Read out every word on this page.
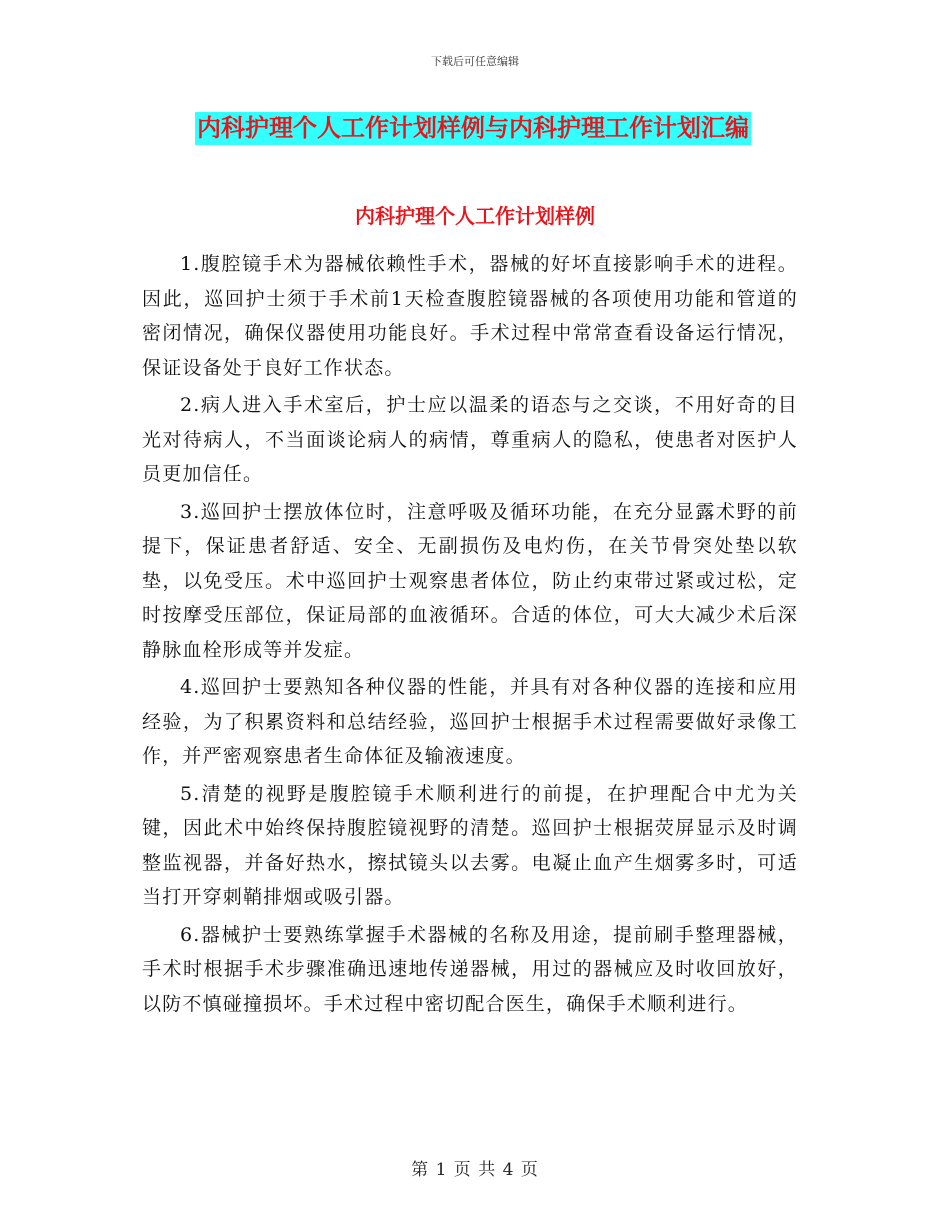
下载后可任意编辑
内科护理个人工作计划样例与内科护理工作计划汇编
内科护理个人工作计划样例

1.腹腔镜手术为器械依赖性手术，器械的好坏直接影响手术的进程。因此，巡回护士须于手术前1天检查腹腔镜器械的各项使用功能和管道的密闭情况，确保仪器使用功能良好。手术过程中常常查看设备运行情况，保证设备处于良好工作状态。

2.病人进入手术室后，护士应以温柔的语态与之交谈，不用好奇的目光对待病人，不当面谈论病人的病情，尊重病人的隐私，使患者对医护人员更加信任。

3.巡回护士摆放体位时，注意呼吸及循环功能，在充分显露术野的前提下，保证患者舒适、安全、无副损伤及电灼伤，在关节骨突处垫以软垫，以免受压。术中巡回护士观察患者体位，防止约束带过紧或过松，定时按摩受压部位，保证局部的血液循环。合适的体位，可大大减少术后深静脉血栓形成等并发症。

4.巡回护士要熟知各种仪器的性能，并具有对各种仪器的连接和应用经验，为了积累资料和总结经验，巡回护士根据手术过程需要做好录像工作，并严密观察患者生命体征及输液速度。

5.清楚的视野是腹腔镜手术顺利进行的前提，在护理配合中尤为关键，因此术中始终保持腹腔镜视野的清楚。巡回护士根据荧屏显示及时调整监视器，并备好热水，擦拭镜头以去雾。电凝止血产生烟雾多时，可适当打开穿刺鞘排烟或吸引器。

6.器械护士要熟练掌握手术器械的名称及用途，提前刷手整理器械，手术时根据手术步骤准确迅速地传递器械，用过的器械应及时收回放好，以防不慎碰撞损坏。手术过程中密切配合医生，确保手术顺利进行。

第 1 页 共 4 页
